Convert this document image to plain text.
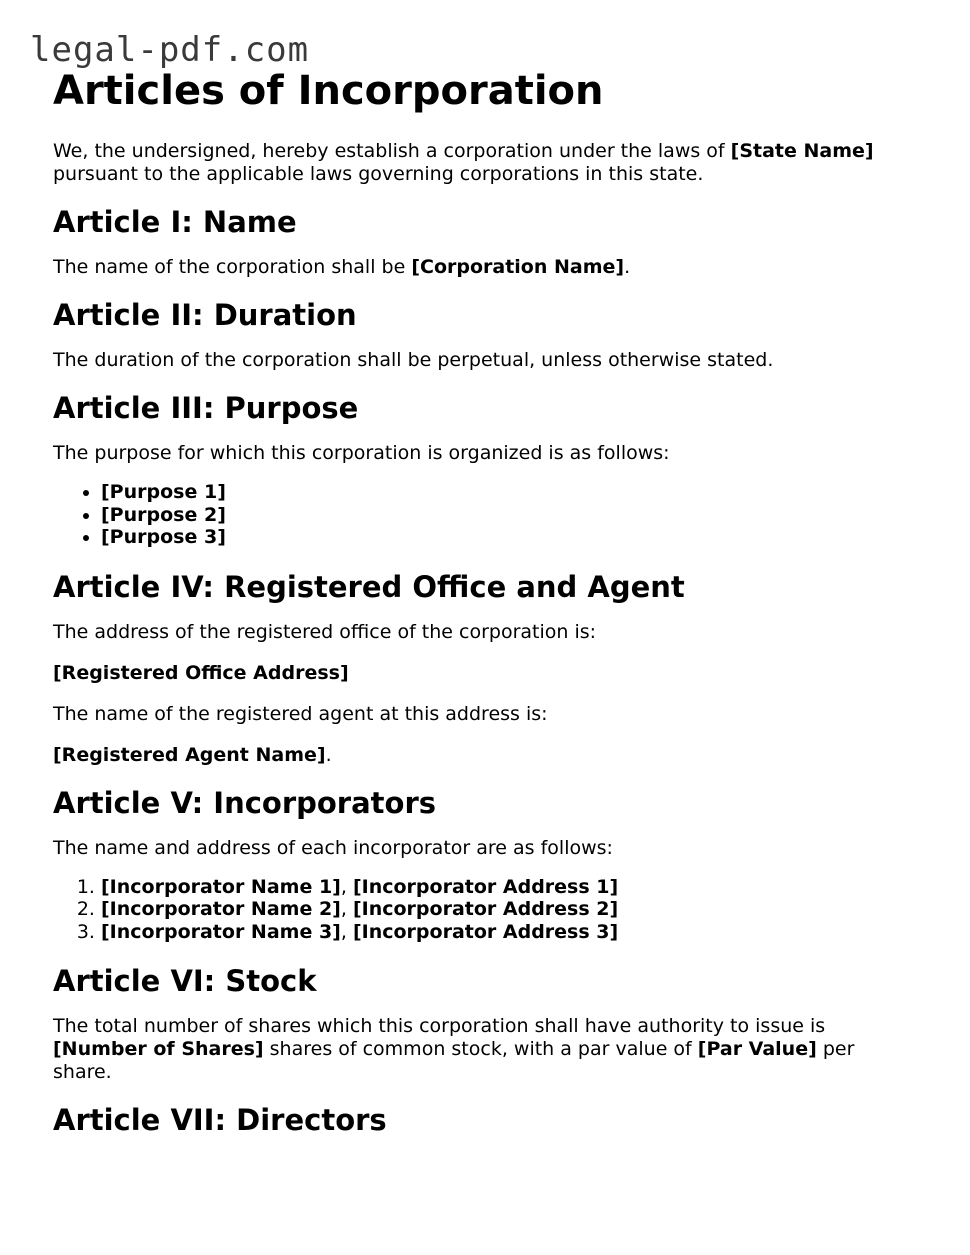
legal-pdf.com
Articles of Incorporation

We, the undersigned, hereby establish a corporation under the laws of [State Name] pursuant to the applicable laws governing corporations in this state.

Article I: Name

The name of the corporation shall be [Corporation Name].

Article II: Duration

The duration of the corporation shall be perpetual, unless otherwise stated.

Article III: Purpose

The purpose for which this corporation is organized is as follows:

• [Purpose 1]
• [Purpose 2]
• [Purpose 3]
Article IV: Registered Office and Agent

The address of the registered office of the corporation is:

[Registered Office Address]

The name of the registered agent at this address is:

[Registered Agent Name].

Article V: Incorporators

The name and address of each incorporator are as follows:

1. [Incorporator Name 1], [Incorporator Address 1]
2. [Incorporator Name 2], [Incorporator Address 2]
3. [Incorporator Name 3], [Incorporator Address 3]
Article VI: Stock

The total number of shares which this corporation shall have authority to issue is [Number of Shares] shares of common stock, with a par value of [Par Value] per share.

Article VII: Directors
